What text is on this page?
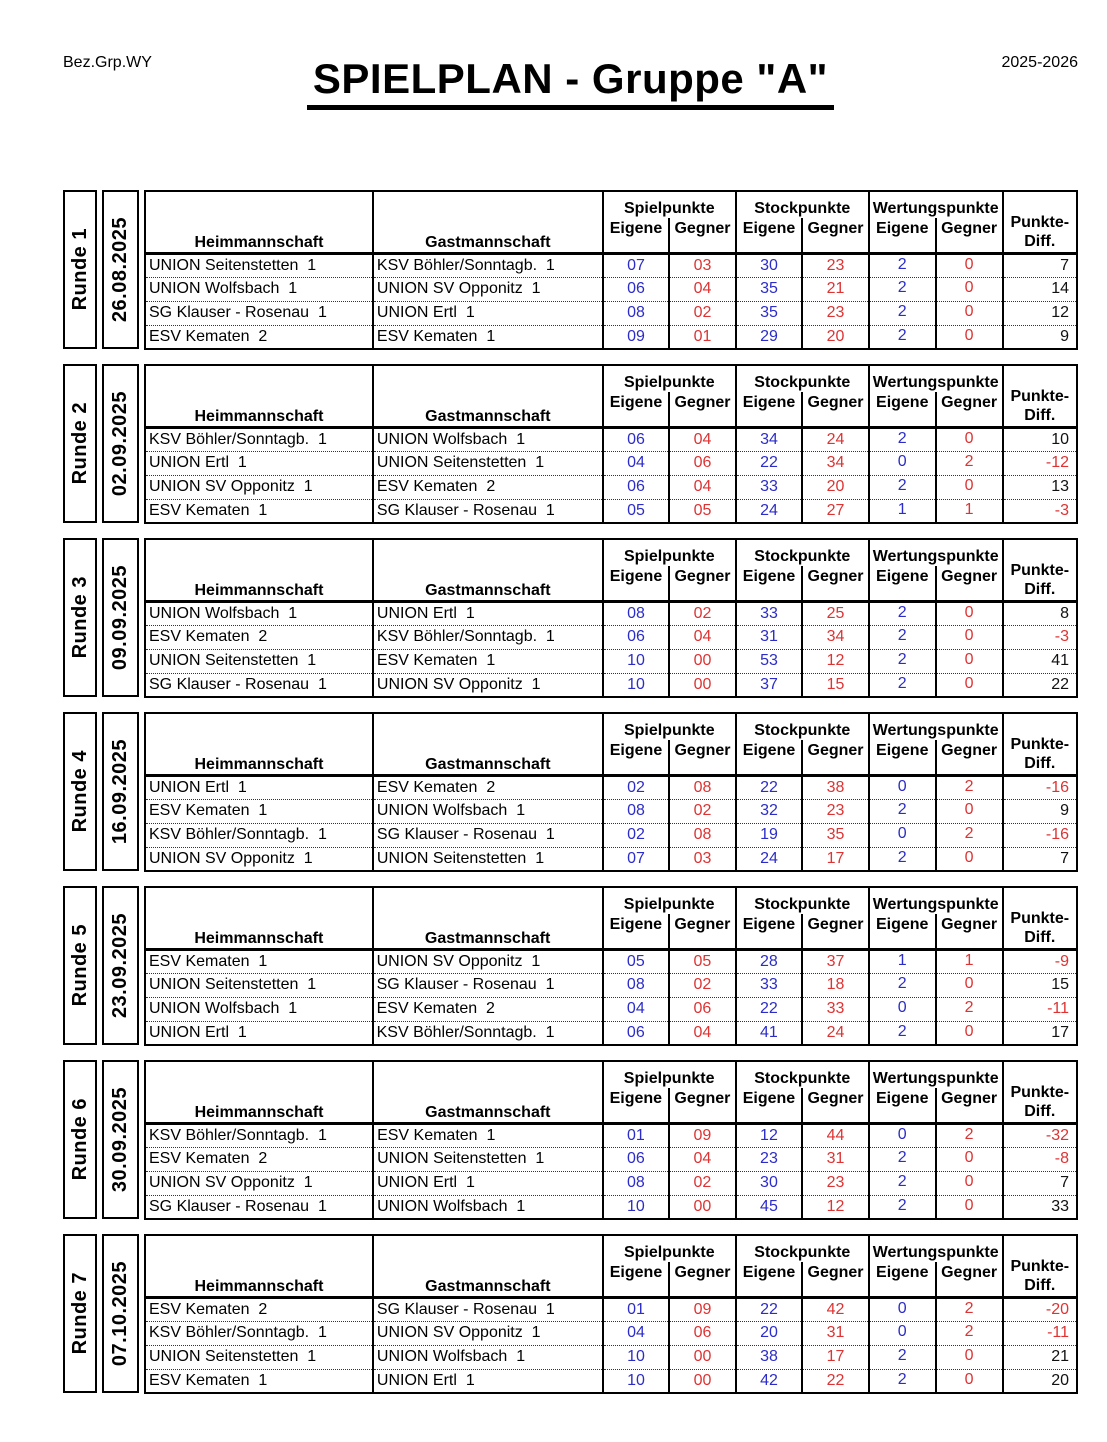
Bez.Grp.WY	SPIELPLAN - Gruppe "A"	2025-2026
Runde 1 26.08.2025	Heimmannschaft	Gastmannschaft	Spielpunkte		Stockpunkte		Wertungspunkte		Punkte-
Diff.
		Eigene	Gegner	Eigene	Gegner	Eigene	Gegner	
UNION Seitenstetten  1	KSV Böhler/Sonntagb.  1	07	03	30	23	2	0	7
UNION Wolfsbach  1	UNION SV Opponitz  1	06	04	35	21	2	0	14
SG Klauser - Rosenau  1	UNION Ertl  1	08	02	35	23	2	0	12
ESV Kematen  2	ESV Kematen  1	09	01	29	20	2	0	9
Runde 2 02.09.2025	Heimmannschaft	Gastmannschaft	Spielpunkte		Stockpunkte		Wertungspunkte		Punkte-
Diff.
		Eigene	Gegner	Eigene	Gegner	Eigene	Gegner	
KSV Böhler/Sonntagb.  1	UNION Wolfsbach  1	06	04	34	24	2	0	10
UNION Ertl  1	UNION Seitenstetten  1	04	06	22	34	0	2	-12
UNION SV Opponitz  1	ESV Kematen  2	06	04	33	20	2	0	13
ESV Kematen  1	SG Klauser - Rosenau  1	05	05	24	27	1	1	-3
Runde 3 09.09.2025	Heimmannschaft	Gastmannschaft	Spielpunkte		Stockpunkte		Wertungspunkte		Punkte-
Diff.
		Eigene	Gegner	Eigene	Gegner	Eigene	Gegner	
UNION Wolfsbach  1	UNION Ertl  1	08	02	33	25	2	0	8
ESV Kematen  2	KSV Böhler/Sonntagb.  1	06	04	31	34	2	0	-3
UNION Seitenstetten  1	ESV Kematen  1	10	00	53	12	2	0	41
SG Klauser - Rosenau  1	UNION SV Opponitz  1	10	00	37	15	2	0	22
Runde 4 16.09.2025	Heimmannschaft	Gastmannschaft	Spielpunkte		Stockpunkte		Wertungspunkte		Punkte-
Diff.
		Eigene	Gegner	Eigene	Gegner	Eigene	Gegner	
UNION Ertl  1	ESV Kematen  2	02	08	22	38	0	2	-16
ESV Kematen  1	UNION Wolfsbach  1	08	02	32	23	2	0	9
KSV Böhler/Sonntagb.  1	SG Klauser - Rosenau  1	02	08	19	35	0	2	-16
UNION SV Opponitz  1	UNION Seitenstetten  1	07	03	24	17	2	0	7
Runde 5 23.09.2025	Heimmannschaft	Gastmannschaft	Spielpunkte		Stockpunkte		Wertungspunkte		Punkte-
Diff.
		Eigene	Gegner	Eigene	Gegner	Eigene	Gegner	
ESV Kematen  1	UNION SV Opponitz  1	05	05	28	37	1	1	-9
UNION Seitenstetten  1	SG Klauser - Rosenau  1	08	02	33	18	2	0	15
UNION Wolfsbach  1	ESV Kematen  2	04	06	22	33	0	2	-11
UNION Ertl  1	KSV Böhler/Sonntagb.  1	06	04	41	24	2	0	17
Runde 6 30.09.2025	Heimmannschaft	Gastmannschaft	Spielpunkte		Stockpunkte		Wertungspunkte		Punkte-
Diff.
		Eigene	Gegner	Eigene	Gegner	Eigene	Gegner	
KSV Böhler/Sonntagb.  1	ESV Kematen  1	01	09	12	44	0	2	-32
ESV Kematen  2	UNION Seitenstetten  1	06	04	23	31	2	0	-8
UNION SV Opponitz  1	UNION Ertl  1	08	02	30	23	2	0	7
SG Klauser - Rosenau  1	UNION Wolfsbach  1	10	00	45	12	2	0	33
Runde 7 07.10.2025	Heimmannschaft	Gastmannschaft	Spielpunkte		Stockpunkte		Wertungspunkte		Punkte-
Diff.
		Eigene	Gegner	Eigene	Gegner	Eigene	Gegner	
ESV Kematen  2	SG Klauser - Rosenau  1	01	09	22	42	0	2	-20
KSV Böhler/Sonntagb.  1	UNION SV Opponitz  1	04	06	20	31	0	2	-11
UNION Seitenstetten  1	UNION Wolfsbach  1	10	00	38	17	2	0	21
ESV Kematen  1	UNION Ertl  1	10	00	42	22	2	0	20
